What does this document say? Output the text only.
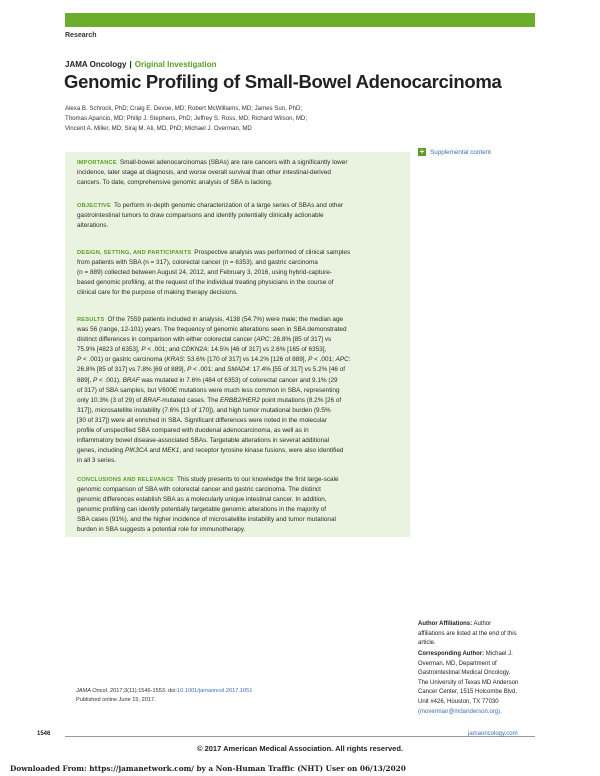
Research
JAMA Oncology | Original Investigation
Genomic Profiling of Small-Bowel Adenocarcinoma
Alexa B. Schrock, PhD; Craig E. Devoe, MD; Robert McWilliams, MD; James Sun, PhD;
Thomas Aparicio, MD; Philip J. Stephens, PhD; Jeffrey S. Ross, MD; Richard Wilson, MD;
Vincent A. Miller, MD; Siraj M. Ali, MD, PhD; Michael J. Overman, MD
+ Supplemental content
IMPORTANCE Small-bowel adenocarcinomas (SBAs) are rare cancers with a significantly lower
incidence, later stage at diagnosis, and worse overall survival than other intestinal-derived
cancers. To date, comprehensive genomic analysis of SBA is lacking.
OBJECTIVE To perform in-depth genomic characterization of a large series of SBAs and other
gastrointestinal tumors to draw comparisons and identify potentially clinically actionable
alterations.
DESIGN, SETTING, AND PARTICIPANTS Prospective analysis was performed of clinical samples
from patients with SBA (n = 317), colorectal cancer (n = 6353), and gastric carcinoma
(n = 889) collected between August 24, 2012, and February 3, 2016, using hybrid-capture-
based genomic profiling, at the request of the individual treating physicians in the course of
clinical care for the purpose of making therapy decisions.
RESULTS Of the 7559 patients included in analysis, 4138 (54.7%) were male; the median age
was 56 (range, 12-101) years. The frequency of genomic alterations seen in SBA demonstrated
distinct differences in comparison with either colorectal cancer (APC: 26.8% [85 of 317] vs
75.9% [4823 of 6353], P < .001; and CDKN2A: 14.5% [46 of 317] vs 2.6% [165 of 6353],
P < .001) or gastric carcinoma (KRAS: 53.6% [170 of 317] vs 14.2% [126 of 889], P < .001; APC:
26.8% [85 of 317] vs 7.8% [69 of 889], P < .001; and SMAD4: 17.4% [55 of 317] vs 5.2% [46 of
889], P < .001). BRAF was mutated in 7.6% (484 of 6353) of colorectal cancer and 9.1% (29
of 317) of SBA samples, but V600E mutations were much less common in SBA, representing
only 10.3% (3 of 29) of BRAF-mutated cases. The ERBB2/HER2 point mutations (8.2% [26 of
317]), microsatellite instability (7.6% [13 of 170]), and high tumor mutational burden (9.5%
[30 of 317]) were all enriched in SBA. Significant differences were noted in the molecular
profile of unspecified SBA compared with duodenal adenocarcinoma, as well as in
inflammatory bowel disease-associated SBAs. Targetable alterations in several additional
genes, including PIK3CA and MEK1, and receptor tyrosine kinase fusions, were also identified
in all 3 series.
CONCLUSIONS AND RELEVANCE This study presents to our knowledge the first large-scale
genomic comparison of SBA with colorectal cancer and gastric carcinoma. The distinct
genomic differences establish SBA as a molecularly unique intestinal cancer. In addition,
genomic profiling can identify potentially targetable genomic alterations in the majority of
SBA cases (91%), and the higher incidence of microsatellite instability and tumor mutational
burden in SBA suggests a potential role for immunotherapy.
Author Affiliations: Author
affiliations are listed at the end of this
article.
Corresponding Author: Michael J.
Overman, MD, Department of
Gastrointestinal Medical Oncology,
The University of Texas MD Anderson
Cancer Center, 1515 Holcombe Blvd,
Unit #426, Houston, TX 77030
(moverman@mdanderson.org).
JAMA Oncol. 2017;3(11):1546-1553. doi:10.1001/jamaoncol.2017.1051
Published online June 15, 2017.
1546	jamaoncology.com
© 2017 American Medical Association. All rights reserved.
Downloaded From: https://jamanetwork.com/ by a Non-Human Traffic (NHT) User on 06/13/2020
